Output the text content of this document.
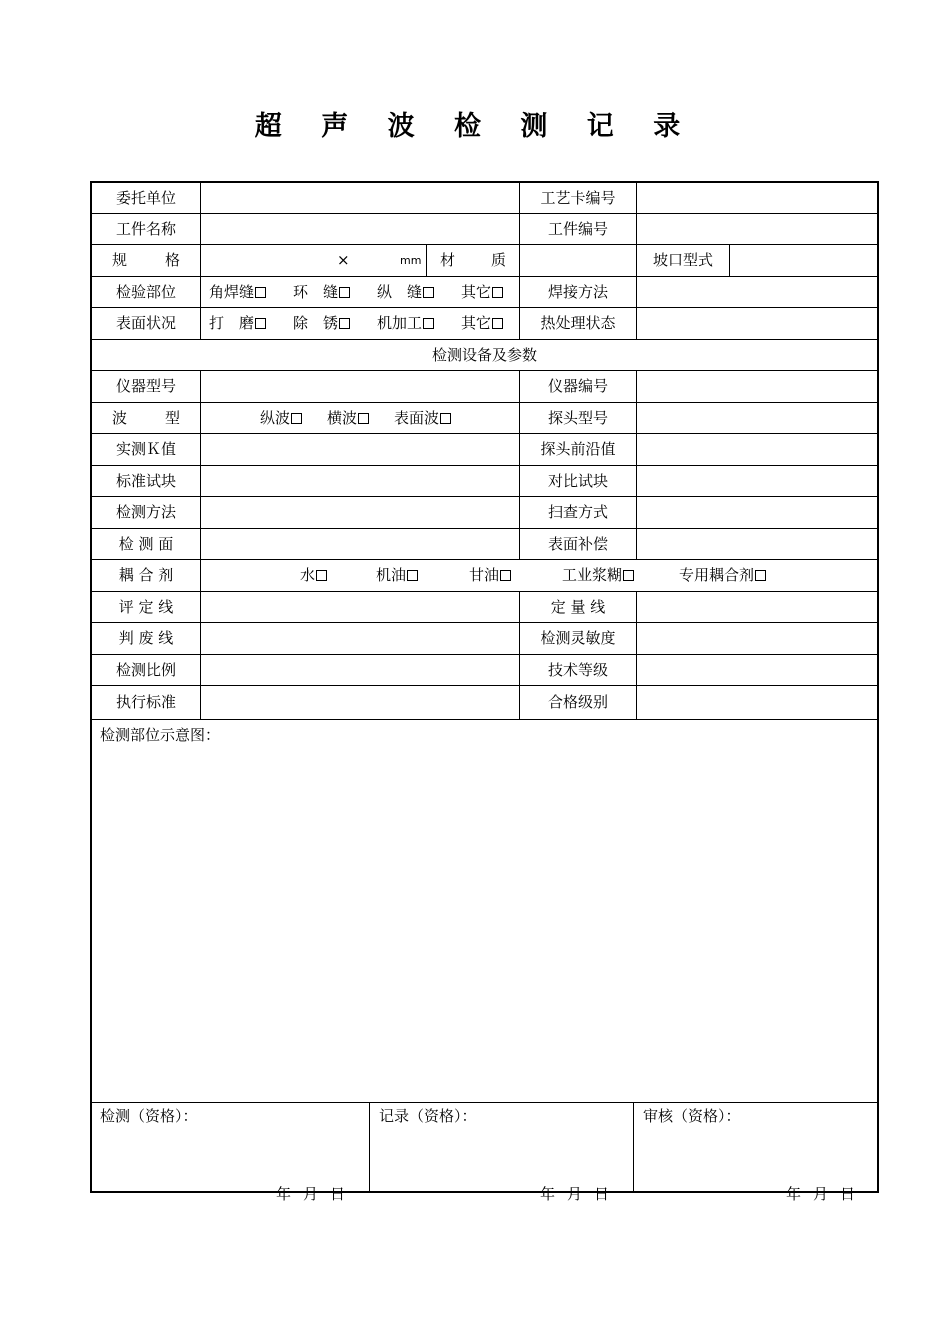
超 声 波 检 测 记 录
委托单位	工艺卡编号
工件名称	工件编号
规	格	×	mm 材 质	坡口型式
检验部位	角焊缝	环　缝	纵　缝	其它	焊接方法
表面状况	打　磨	除　锈	机加工	其它	热处理状态
检测设备及参数
仪器型号	仪器编号
波	型	纵波 横波 表面波	探头型号
实测Ｋ值	探头前沿值
标准试块	对比试块
检测方法	扫查方式
检 测 面	表面补偿
耦 合 剂	水	机油	甘油	工业浆糊	专用耦合剂
评 定 线	定 量 线
判 废 线	检测灵敏度
检测比例	技术等级
执行标准	合格级别
检测部位示意图：
检测（资格）：	记录（资格）：	审核（资格）：
年 月 日	年 月 日	年 月 日
